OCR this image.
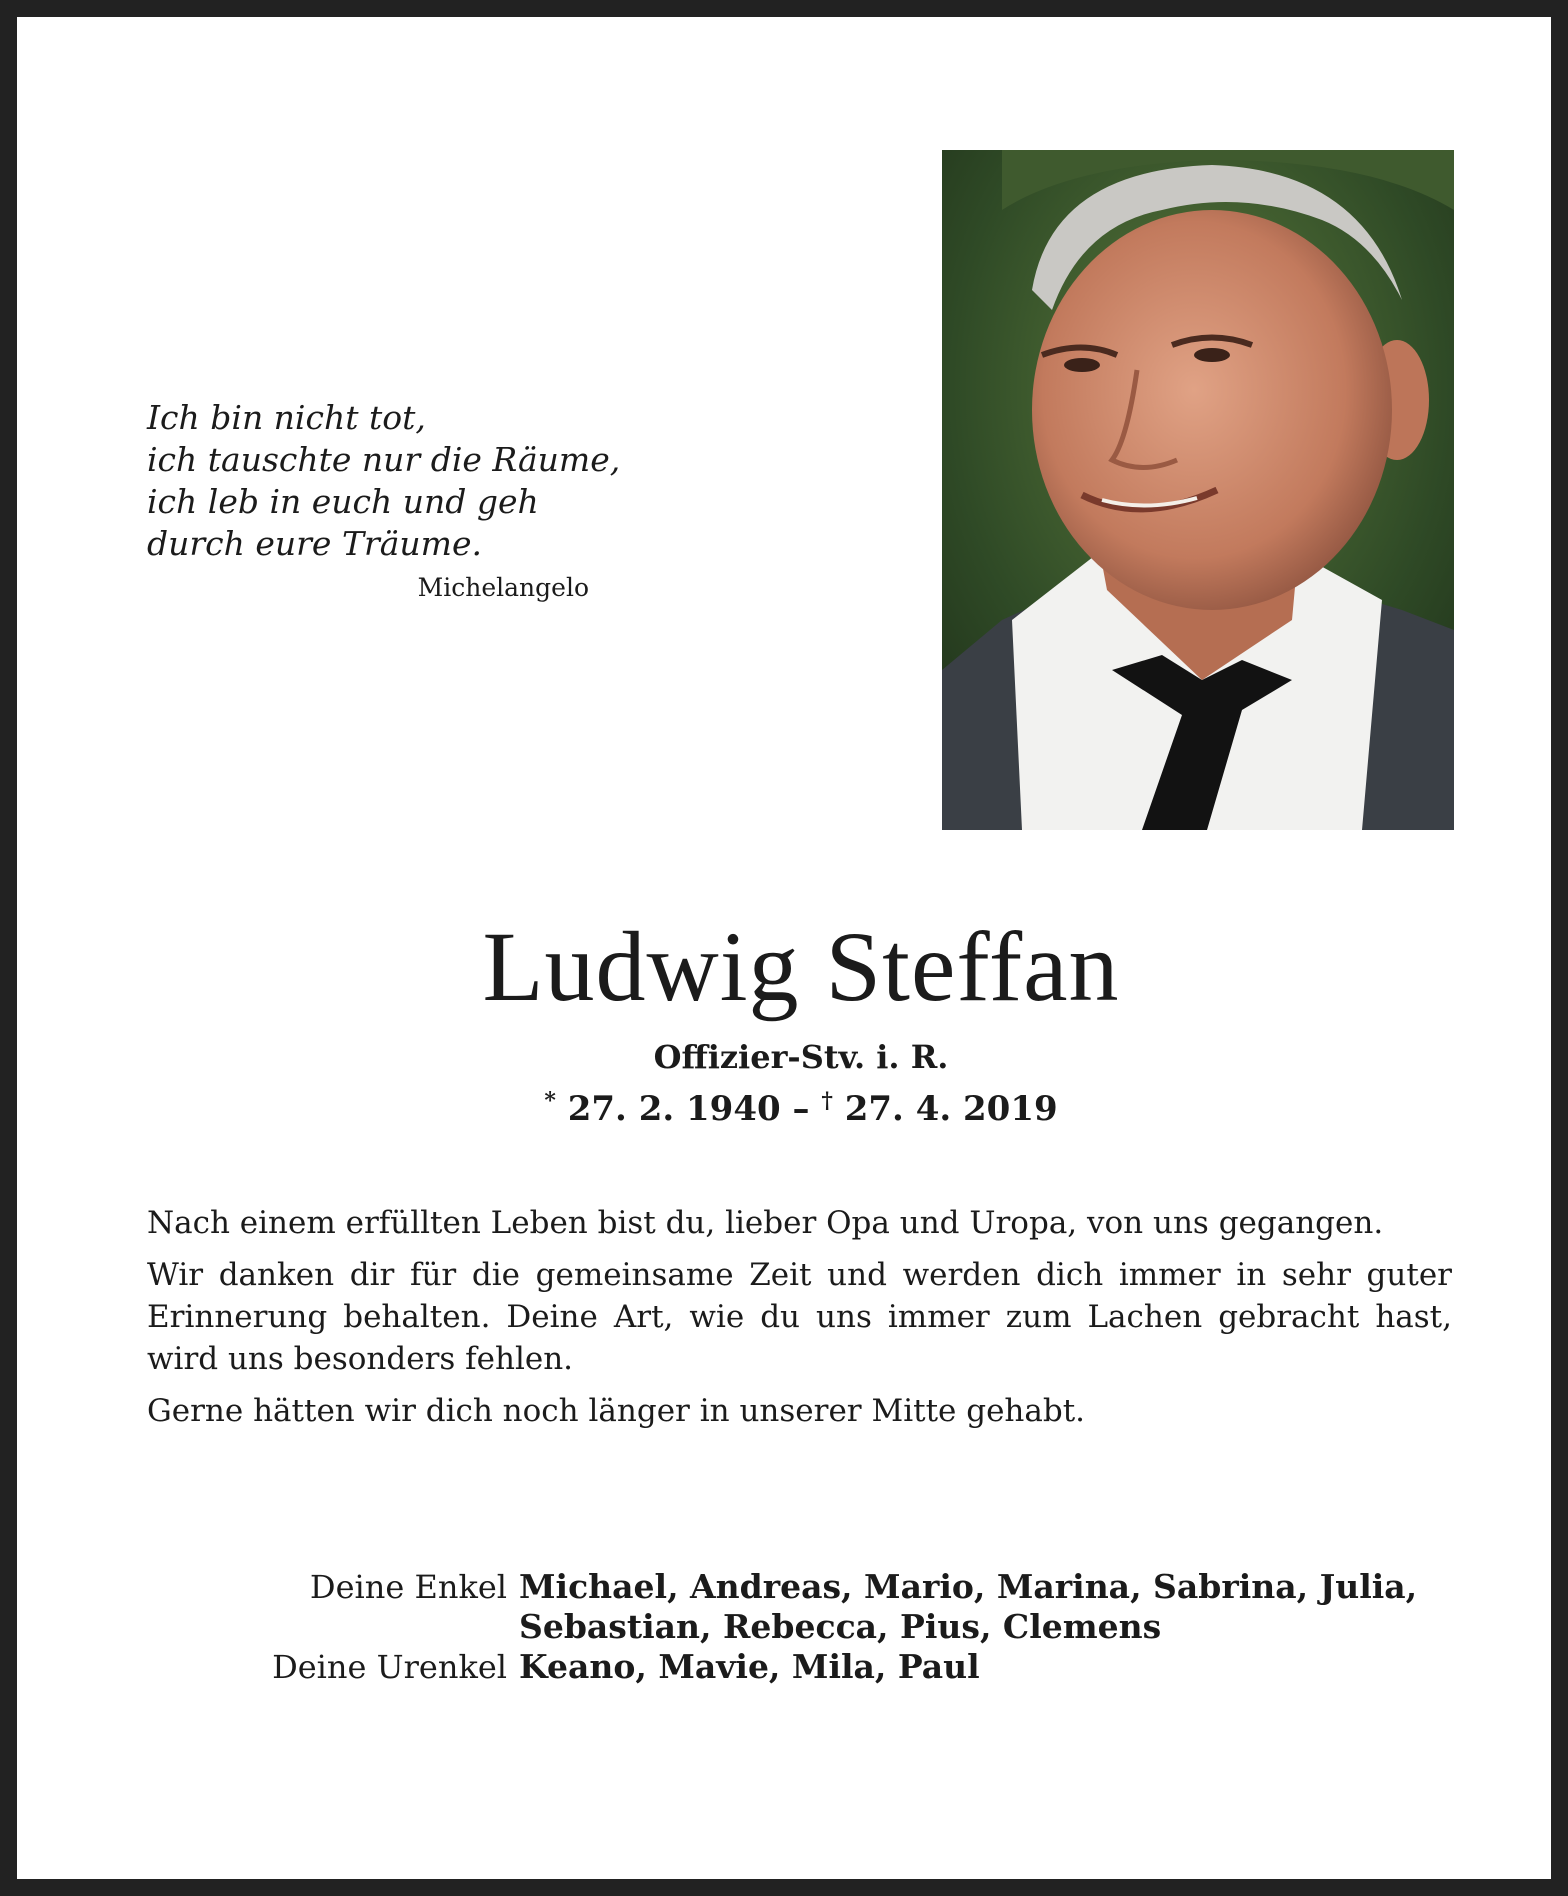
Ich bin nicht tot,
ich tauschte nur die Räume,
ich leb in euch und geh
durch eure Träume.
Michelangelo
Ludwig Steffan
Offizier-Stv. i. R.
* 27. 2. 1940 – † 27. 4. 2019

Nach einem erfüllten Leben bist du, lieber Opa und Uropa, von uns gegangen.

Wir danken dir für die gemeinsame Zeit und werden dich immer in sehr guter Erinnerung behalten. Deine Art, wie du uns immer zum Lachen gebracht hast, wird uns besonders fehlen.

Gerne hätten wir dich noch länger in unserer Mitte gehabt.

Deine Enkel Michael, Andreas, Mario, Marina, Sabrina, Julia,
Sebastian, Rebecca, Pius, Clemens
Deine Urenkel Keano, Mavie, Mila, Paul
